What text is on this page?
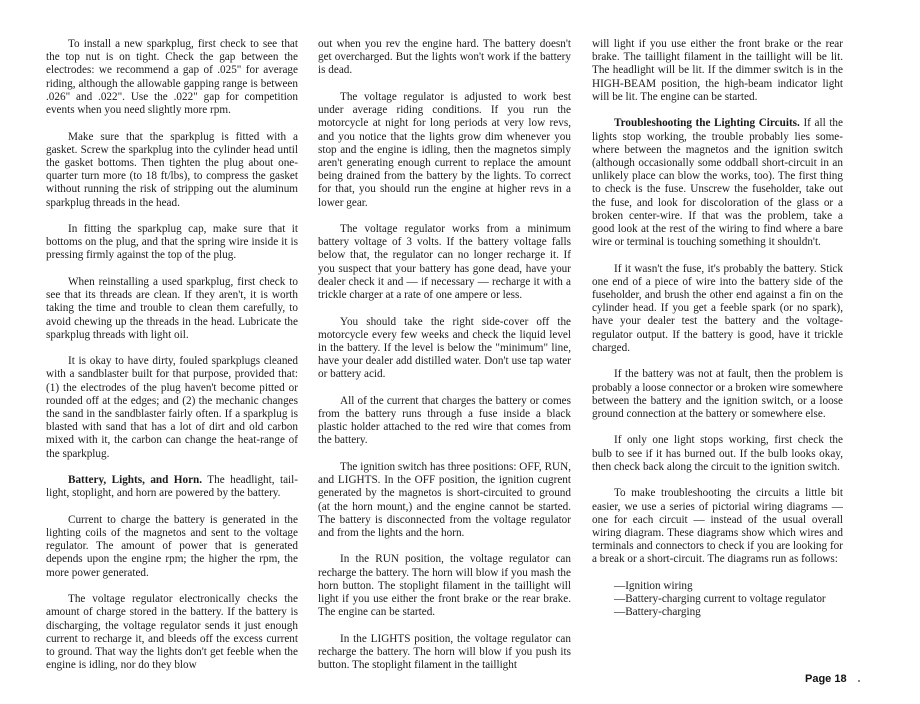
To install a new sparkplug, first check to see that the top nut is on tight. Check the gap between the electrodes: we recommend a gap of .025" for average riding, although the allowable gapping range is between .026" and .022". Use the .022" gap for competition events when you need slightly more rpm.

Make sure that the sparkplug is fitted with a gasket. Screw the sparkplug into the cylinder head until the gasket bottoms. Then tighten the plug about one-quarter turn more (to 18 ft/lbs), to compress the gasket without running the risk of stripping out the aluminum sparkplug threads in the head.

In fitting the sparkplug cap, make sure that it bottoms on the plug, and that the spring wire inside it is pressing firmly against the top of the plug.

When reinstalling a used sparkplug, first check to see that its threads are clean. If they aren't, it is worth taking the time and trouble to clean them carefully, to avoid chewing up the threads in the head. Lubricate the sparkplug threads with light oil.

It is okay to have dirty, fouled sparkplugs cleaned with a sandblaster built for that purpose, provided that: (1) the electrodes of the plug haven't become pitted or rounded off at the edges; and (2) the mechanic changes the sand in the sandblaster fairly often. If a sparkplug is blasted with sand that has a lot of dirt and old carbon mixed with it, the carbon can change the heat-range of the sparkplug.

Battery, Lights, and Horn. The headlight, taillight, stoplight, and horn are powered by the battery.

Current to charge the battery is generated in the lighting coils of the magnetos and sent to the voltage regulator. The amount of power that is generated depends upon the engine rpm; the higher the rpm, the more power generated.

The voltage regulator electronically checks the amount of charge stored in the battery. If the battery is discharging, the voltage regulator sends it just enough current to recharge it, and bleeds off the excess current to ground. That way the lights don't get feeble when the engine is idling, nor do they blow

out when you rev the engine hard. The battery doesn't get overcharged. But the lights won't work if the battery is dead.

The voltage regulator is adjusted to work best under average riding conditions. If you run the motorcycle at night for long periods at very low revs, and you notice that the lights grow dim whenever you stop and the engine is idling, then the magnetos simply aren't generating enough current to replace the amount being drained from the battery by the lights. To correct for that, you should run the engine at higher revs in a lower gear.

The voltage regulator works from a minimum battery voltage of 3 volts. If the battery voltage falls below that, the regulator can no longer recharge it. If you suspect that your battery has gone dead, have your dealer check it and — if necessary — recharge it with a trickle charger at a rate of one ampere or less.

You should take the right side-cover off the motorcycle every few weeks and check the liquid level in the battery. If the level is below the "minimum" line, have your dealer add distilled water. Don't use tap water or battery acid.

All of the current that charges the battery or comes from the battery runs through a fuse inside a black plastic holder attached to the red wire that comes from the battery.

The ignition switch has three positions: OFF, RUN, and LIGHTS. In the OFF position, the ignition cugrent generated by the magnetos is short-circuited to ground (at the horn mount,) and the engine cannot be started. The battery is disconnected from the voltage regulator and from the lights and the horn.

In the RUN position, the voltage regulator can recharge the battery. The horn will blow if you mash the horn button. The stoplight filament in the taillight will light if you use either the front brake or the rear brake. The engine can be started.

In the LIGHTS position, the voltage regulator can recharge the battery. The horn will blow if you push its button. The stoplight filament in the taillight

will light if you use either the front brake or the rear brake. The taillight filament in the taillight will be lit. The headlight will be lit. If the dimmer switch is in the HIGH-BEAM position, the high-beam indicator light will be lit. The engine can be started.

Troubleshooting the Lighting Circuits. If all the lights stop working, the trouble probably lies somewhere between the magnetos and the ignition switch (although occasionally some oddball short-circuit in an unlikely place can blow the works, too). The first thing to check is the fuse. Unscrew the fuseholder, take out the fuse, and look for discoloration of the glass or a broken center-wire. If that was the problem, take a good look at the rest of the wiring to find where a bare wire or terminal is touching something it shouldn't.

If it wasn't the fuse, it's probably the battery. Stick one end of a piece of wire into the battery side of the fuseholder, and brush the other end against a fin on the cylinder head. If you get a feeble spark (or no spark), have your dealer test the battery and the voltage-regulator output. If the battery is good, have it trickle charged.

If the battery was not at fault, then the problem is probably a loose connector or a broken wire somewhere between the battery and the ignition switch, or a loose ground connection at the battery or somewhere else.

If only one light stops working, first check the bulb to see if it has burned out. If the bulb looks okay, then check back along the circuit to the ignition switch.

To make troubleshooting the circuits a little bit easier, we use a series of pictorial wiring diagrams — one for each circuit — instead of the usual overall wiring diagram. These diagrams show which wires and terminals and connectors to check if you are looking for a break or a short-circuit. The diagrams run as follows:

—Ignition wiring
—Battery-charging current to voltage regulator
—Battery-charging
Page 18
